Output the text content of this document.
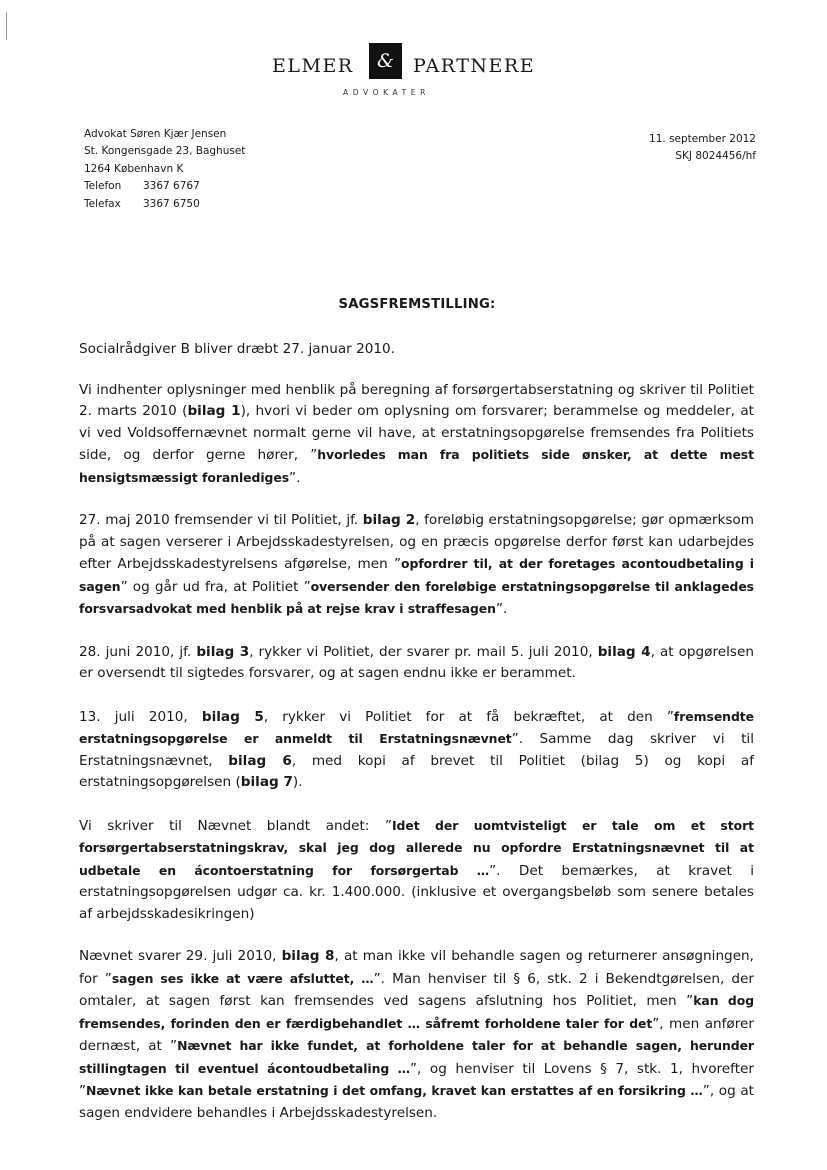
ELMER	&	PARTNERE
ADVOKATER
Advokat Søren Kjær Jensen
St. Kongensgade 23, Baghuset
1264 København K
Telefon 3367 6767
Telefax 3367 6750
11. september 2012
SKJ 8024456/hf
SAGSFREMSTILLING:

Socialrådgiver B bliver dræbt 27. januar 2010.

Vi indhenter oplysninger med henblik på beregning af forsørgertabserstatning og skriver til Politiet 2. marts 2010 (bilag 1), hvori vi beder om oplysning om forsvarer; berammelse og meddeler, at vi ved Voldsoffernævnet normalt gerne vil have, at erstatningsopgørelse fremsendes fra Politiets side, og derfor gerne hører, ”hvorledes man fra politiets side ønsker, at dette mest hensigtsmæssigt foranlediges”.

27. maj 2010 fremsender vi til Politiet, jf. bilag 2, foreløbig erstatningsopgørelse; gør opmærksom på at sagen verserer i Arbejdsskadestyrelsen, og en præcis opgørelse derfor først kan udarbejdes efter Arbejdsskadestyrelsens afgørelse, men ”opfordrer til, at der foretages acontoudbetaling i sagen” og går ud fra, at Politiet ”oversender den foreløbige erstatningsopgørelse til anklagedes forsvarsadvokat med henblik på at rejse krav i straffesagen”.

28. juni 2010, jf. bilag 3, rykker vi Politiet, der svarer pr. mail 5. juli 2010, bilag 4, at opgørelsen er oversendt til sigtedes forsvarer, og at sagen endnu ikke er berammet.

13. juli 2010, bilag 5, rykker vi Politiet for at få bekræftet, at den ”fremsendte erstatningsopgørelse er anmeldt til Erstatningsnævnet”. Samme dag skriver vi til Erstatningsnævnet, bilag 6, med kopi af brevet til Politiet (bilag 5) og kopi af erstatningsopgørelsen (bilag 7).

Vi skriver til Nævnet blandt andet: ”Idet der uomtvisteligt er tale om et stort forsørgertabserstatningskrav, skal jeg dog allerede nu opfordre Erstatningsnævnet til at udbetale en ácontoerstatning for forsørgertab …”. Det bemærkes, at kravet i erstatningsopgørelsen udgør ca. kr. 1.400.000. (inklusive et overgangsbeløb som senere betales af arbejdsskadesikringen)

Nævnet svarer 29. juli 2010, bilag 8, at man ikke vil behandle sagen og returnerer ansøgningen, for ”sagen ses ikke at være afsluttet, …”. Man henviser til § 6, stk. 2 i Bekendtgørelsen, der omtaler, at sagen først kan fremsendes ved sagens afslutning hos Politiet, men ”kan dog fremsendes, forinden den er færdigbehandlet … såfremt forholdene taler for det”, men anfører dernæst, at ”Nævnet har ikke fundet, at forholdene taler for at behandle sagen, herunder stillingtagen til eventuel ácontoudbetaling …”, og henviser til Lovens § 7, stk. 1, hvorefter ”Nævnet ikke kan betale erstatning i det omfang, kravet kan erstattes af en forsikring …”, og at sagen endvidere behandles i Arbejdsskadestyrelsen.
